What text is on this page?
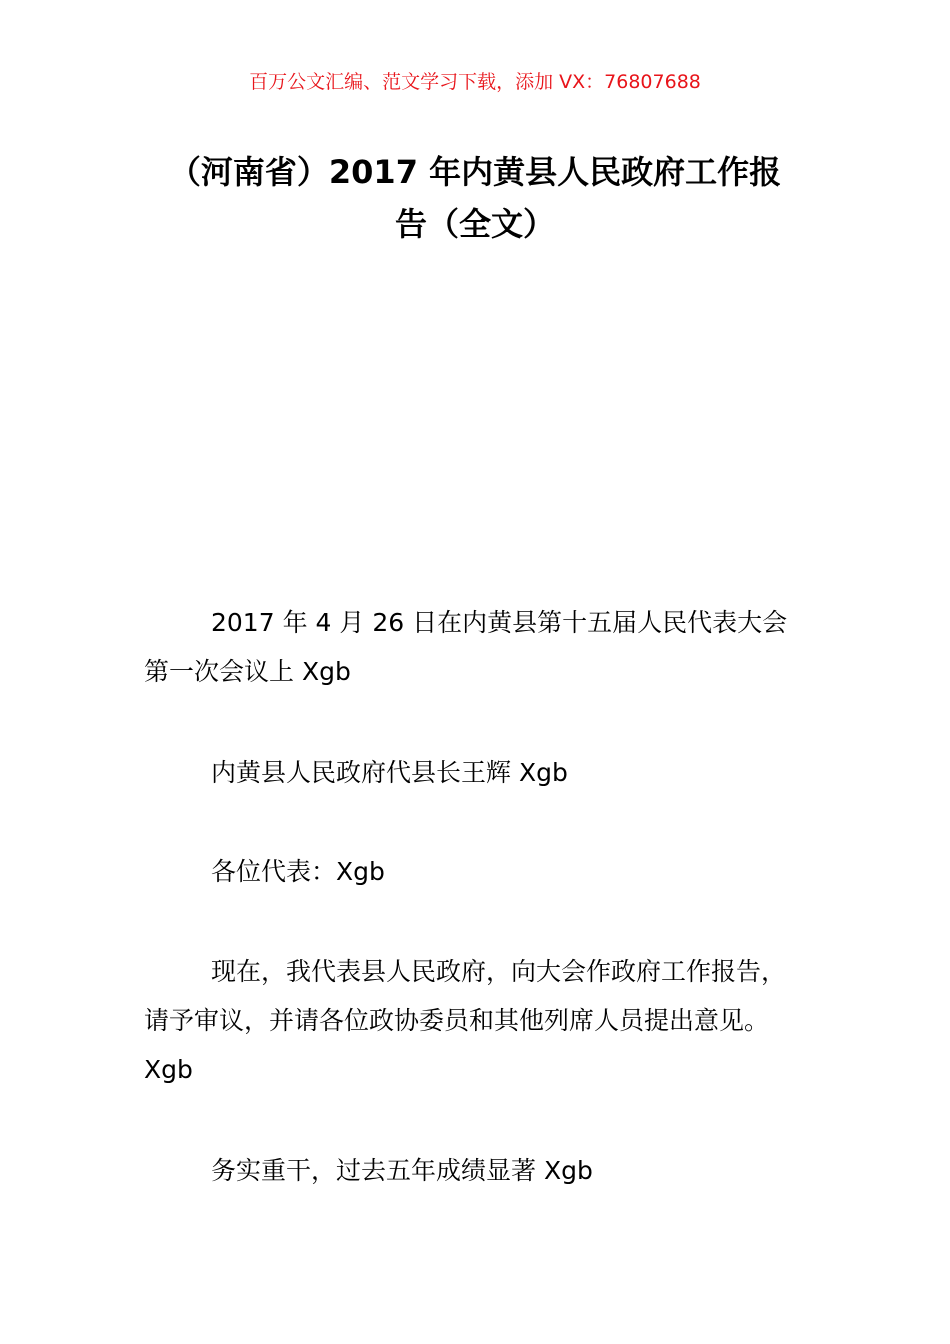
百万公文汇编、范文学习下载，添加 VX：76807688
（河南省）2017 年内黄县人民政府工作报
告（全文）
2017 年 4 月 26 日在内黄县第十五届人民代表大会
第一次会议上 Xgb
内黄县人民政府代县长王辉 Xgb
各位代表：Xgb
现在，我代表县人民政府，向大会作政府工作报告，
请予审议，并请各位政协委员和其他列席人员提出意见。
Xgb
务实重干，过去五年成绩显著 Xgb
